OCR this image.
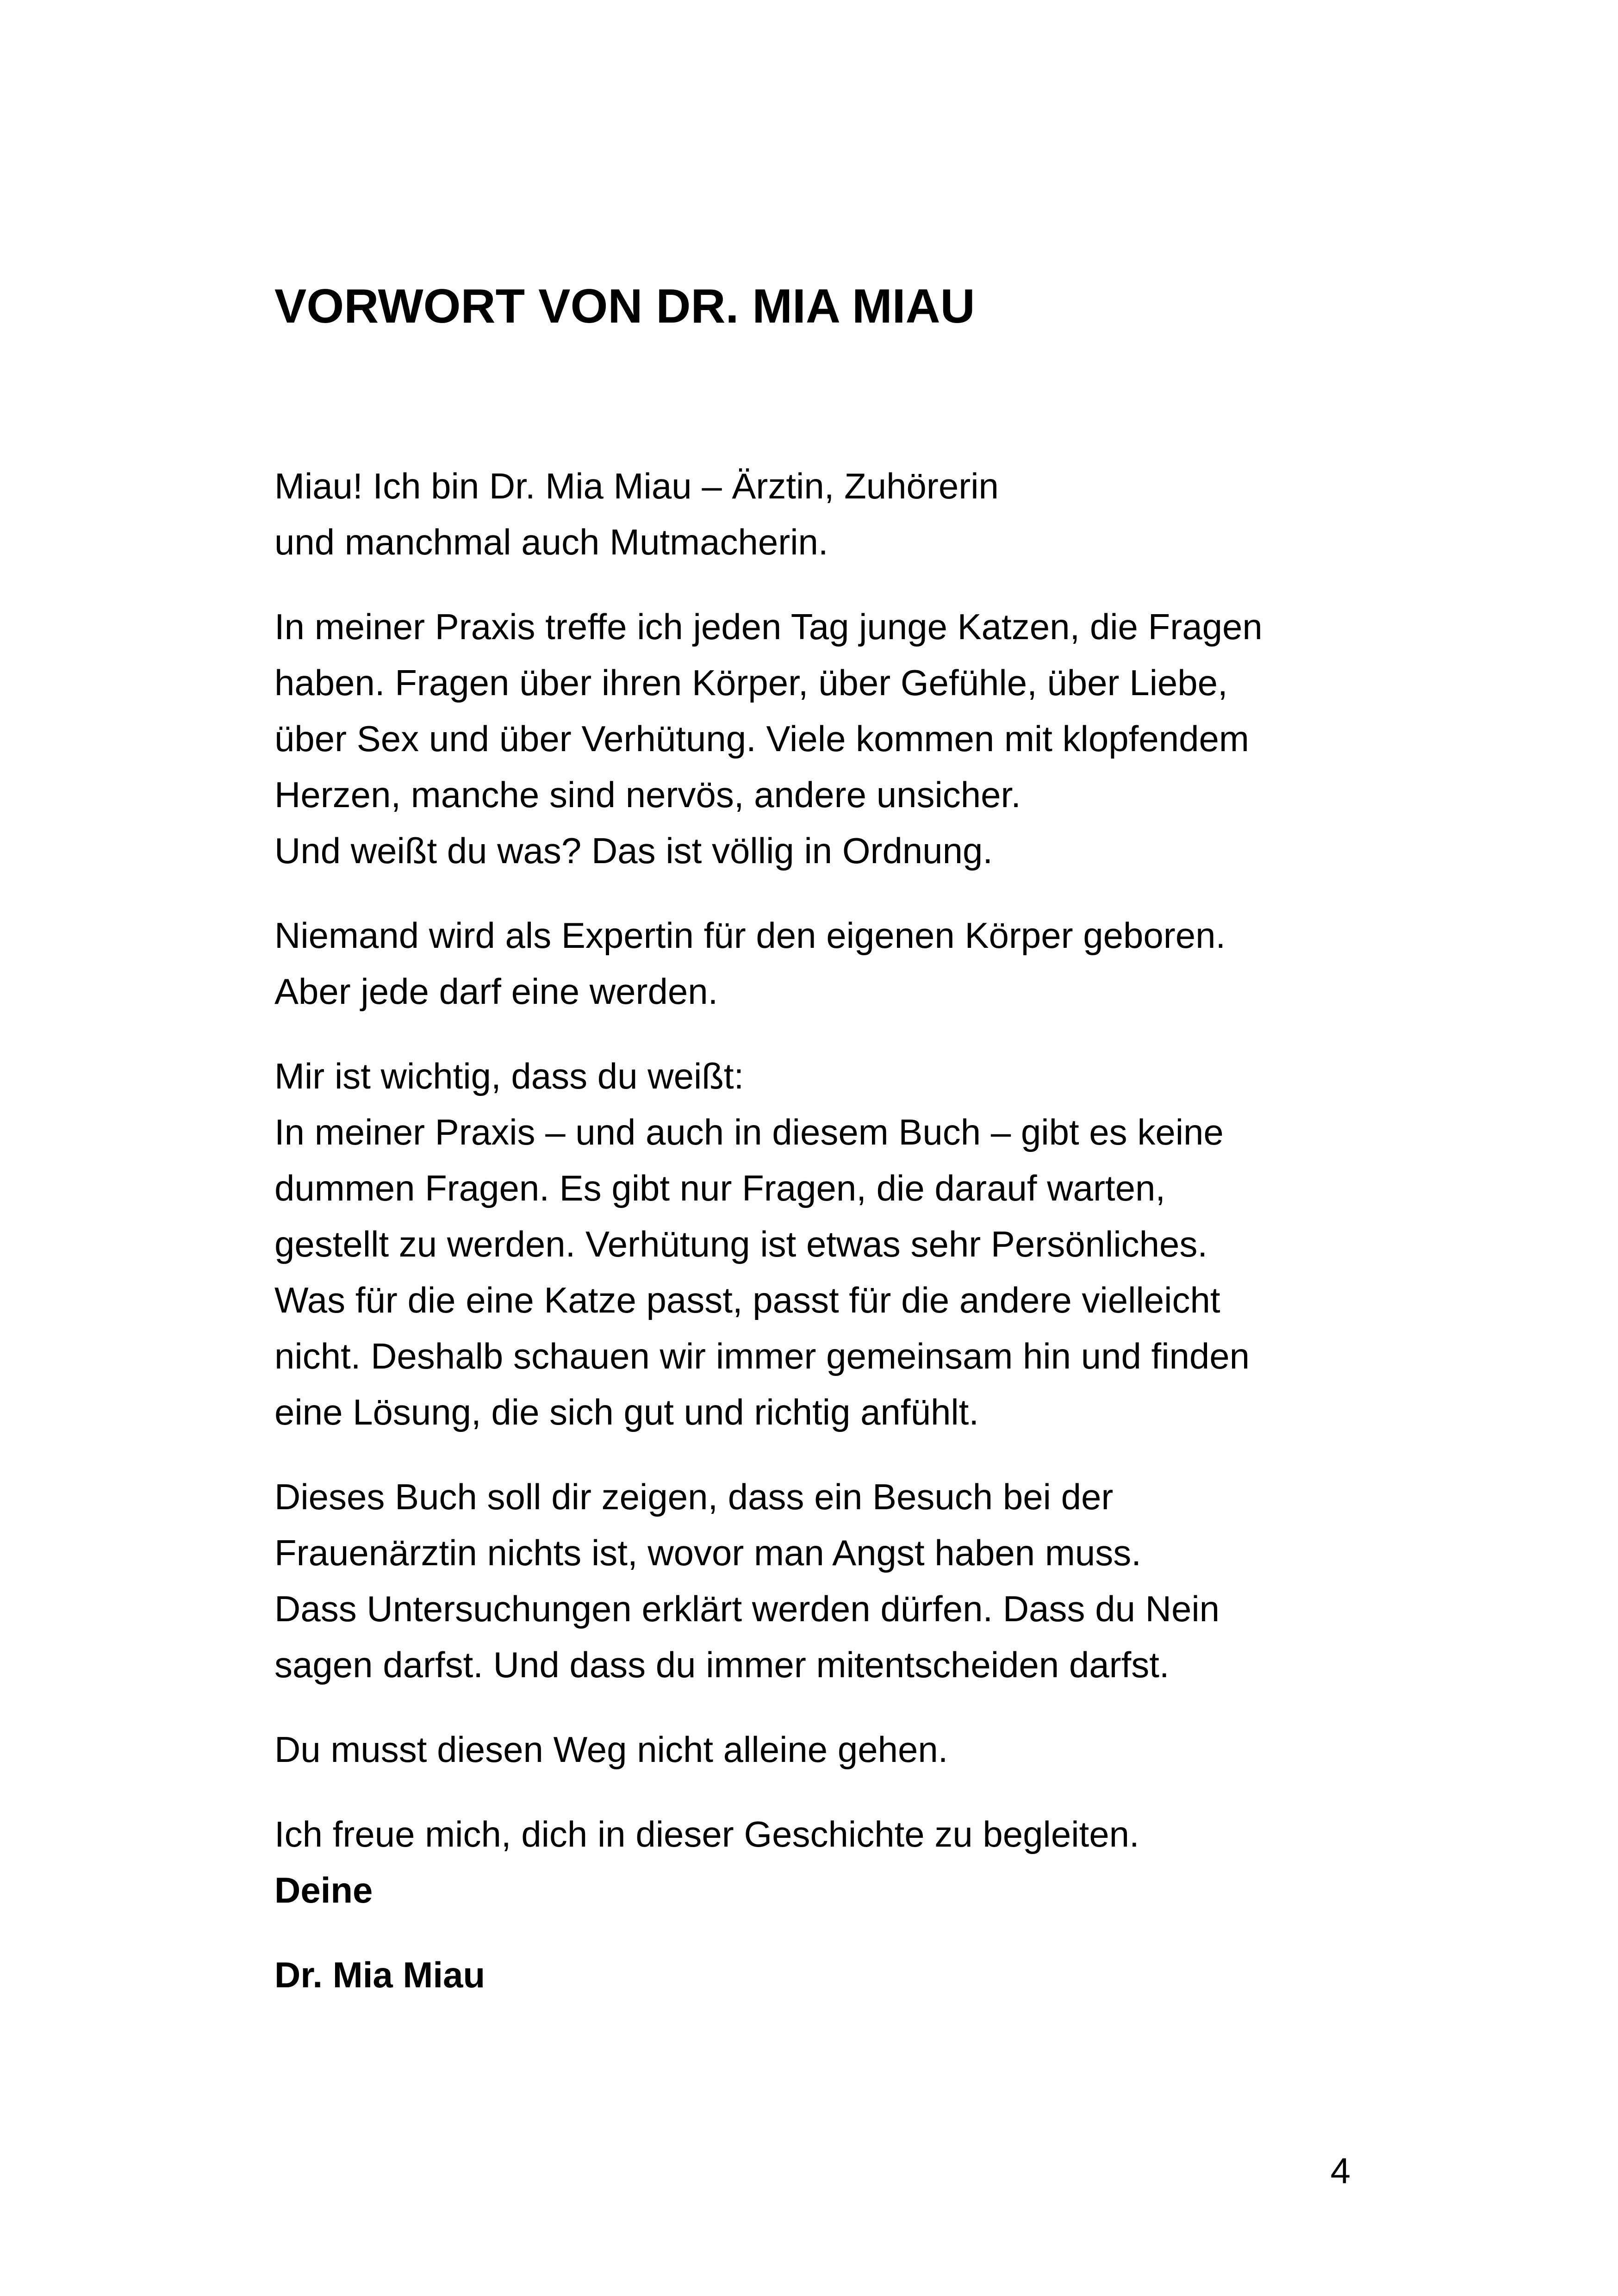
VORWORT VON DR. MIA MIAU

Miau! Ich bin Dr. Mia Miau – Ärztin, Zuhörerin
und manchmal auch Mutmacherin.

In meiner Praxis treffe ich jeden Tag junge Katzen, die Fragen
haben. Fragen über ihren Körper, über Gefühle, über Liebe,
über Sex und über Verhütung. Viele kommen mit klopfendem
Herzen, manche sind nervös, andere unsicher.
Und weißt du was? Das ist völlig in Ordnung.

Niemand wird als Expertin für den eigenen Körper geboren.
Aber jede darf eine werden.

Mir ist wichtig, dass du weißt:
In meiner Praxis – und auch in diesem Buch – gibt es keine
dummen Fragen. Es gibt nur Fragen, die darauf warten,
gestellt zu werden. Verhütung ist etwas sehr Persönliches.
Was für die eine Katze passt, passt für die andere vielleicht
nicht. Deshalb schauen wir immer gemeinsam hin und finden
eine Lösung, die sich gut und richtig anfühlt.

Dieses Buch soll dir zeigen, dass ein Besuch bei der
Frauenärztin nichts ist, wovor man Angst haben muss.
Dass Untersuchungen erklärt werden dürfen. Dass du Nein
sagen darfst. Und dass du immer mitentscheiden darfst.

Du musst diesen Weg nicht alleine gehen.

Ich freue mich, dich in dieser Geschichte zu begleiten.
Deine

Dr. Mia Miau

4
